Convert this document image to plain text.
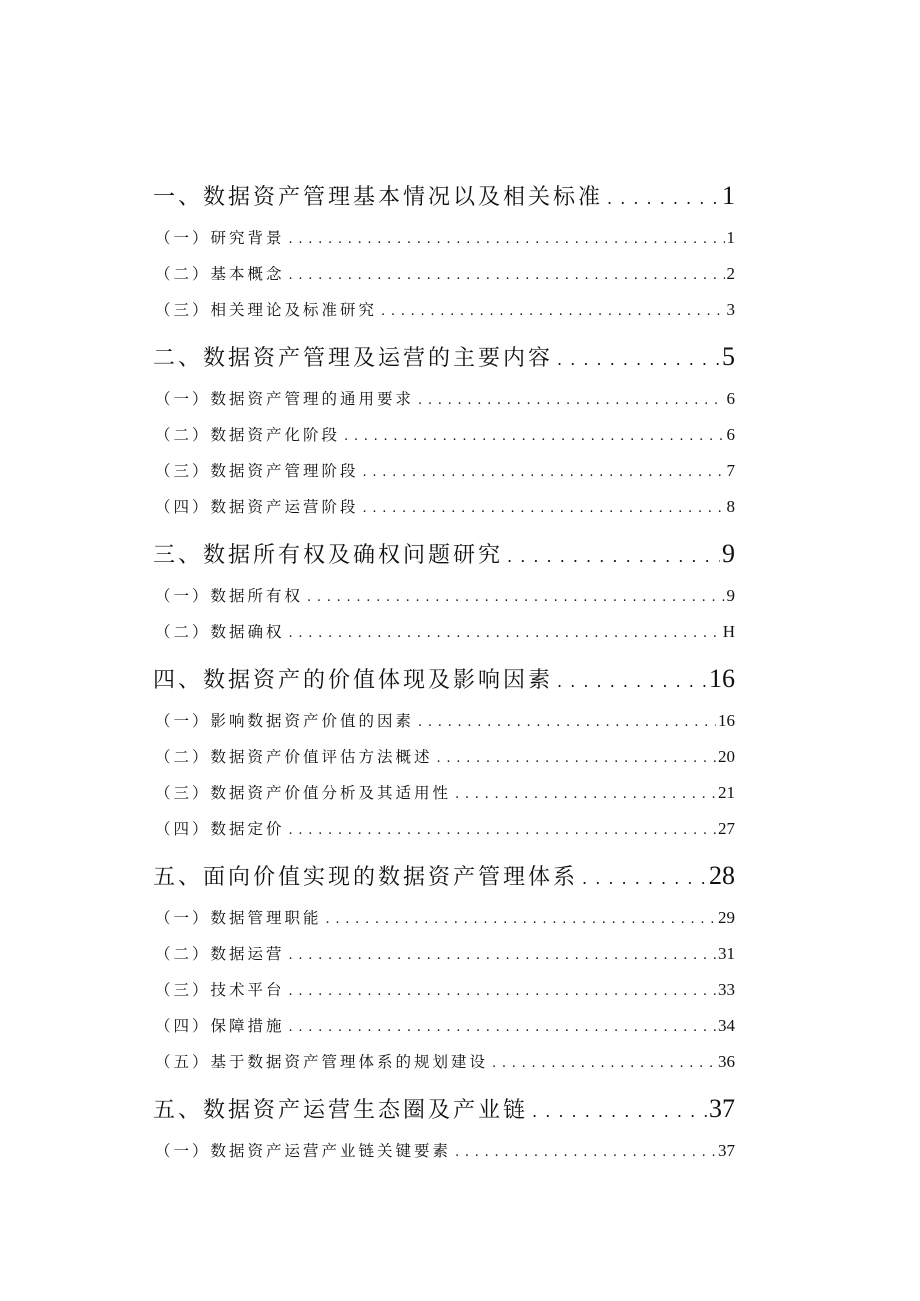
一、数据资产管理基本情况以及相关标准 . . .	1
（一）研究背景 . . .	1
（二）基本概念 . . .	2
（三）相关理论及标准研究 . . .	3
二、数据资产管理及运营的主要内容 . . .	5
（一）数据资产管理的通用要求 . . .	6
（二）数据资产化阶段 . . .	6
（三）数据资产管理阶段 . . .	7
（四）数据资产运营阶段 . . .	8
三、数据所有权及确权问题研究 . . .	9
（一）数据所有权 . . .	9
（二）数据确权 . . .	H
四、数据资产的价值体现及影响因素 . . .	16
（一）影响数据资产价值的因素 . . .	16
（二）数据资产价值评估方法概述 . . .	20
（三）数据资产价值分析及其适用性 . . .	21
（四）数据定价 . . .	27
五、面向价值实现的数据资产管理体系 . . .	28
（一）数据管理职能 . . .	29
（二）数据运营 . . .	31
（三）技术平台 . . .	33
（四）保障措施 . . .	34
（五）基于数据资产管理体系的规划建设 . . .	36
五、数据资产运营生态圈及产业链 . . .	37
（一）数据资产运营产业链关键要素 . . .	37
